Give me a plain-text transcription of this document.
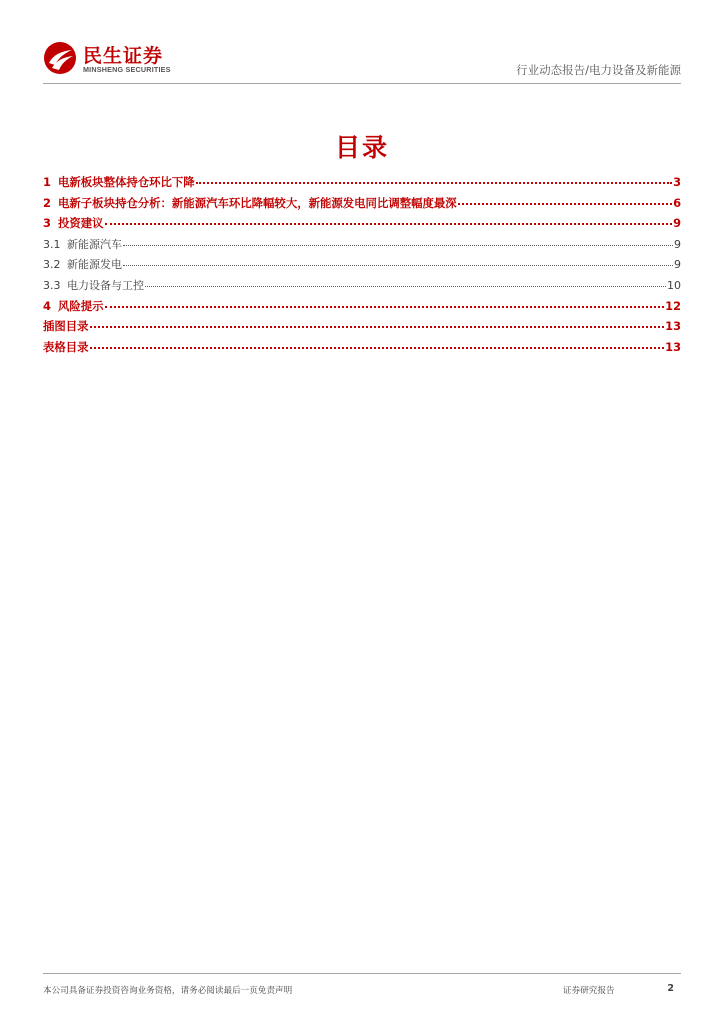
民生证券
MINSHENG SECURITIES	行业动态报告/电力设备及新能源
目录
1 电新板块整体持仓环比下降	3
2 电新子板块持仓分析：新能源汽车环比降幅较大，新能源发电同比调整幅度最深	6
3 投资建议	9
3.1 新能源汽车	9
3.2 新能源发电	9
3.3 电力设备与工控	10
4 风险提示	12
插图目录	13
表格目录	13
本公司具备证券投资咨询业务资格，请务必阅读最后一页免责声明	证券研究报告	2
